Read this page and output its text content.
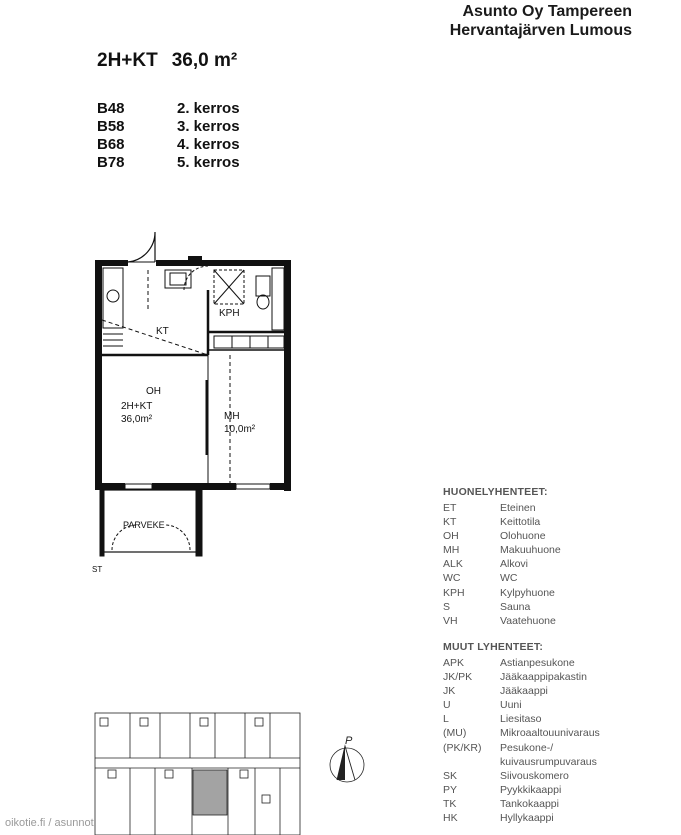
Asunto Oy Tampereen
Hervantajärven Lumous
2H+KT 36,0 m²
B48	2. kerros
B58	3. kerros
B68	4. kerros
B78	5. kerros
KT
KPH
OH
2H+KT
36,0m²	MH
10,0m²
PARVEKE
ST
P
HUONELYHENTEET:
ET	Eteinen
KT	Keittotila
OH	Olohuone
MH	Makuuhuone
ALK	Alkovi
WC	WC
KPH	Kylpyhuone
S	Sauna
VH	Vaatehuone
MUUT LYHENTEET:
APK	Astianpesukone
JK/PK	Jääkaappipakastin
JK	Jääkaappi
U	Uuni
L	Liesitaso
(MU)	Mikroaaltouunivaraus
(PK/KR)	Pesukone-/
kuivausrumpuvaraus
SK	Siivouskomero
PY	Pyykkikaappi
TK	Tankokaappi
HK	Hyllykaappi
oikotie.fi / asunnot
